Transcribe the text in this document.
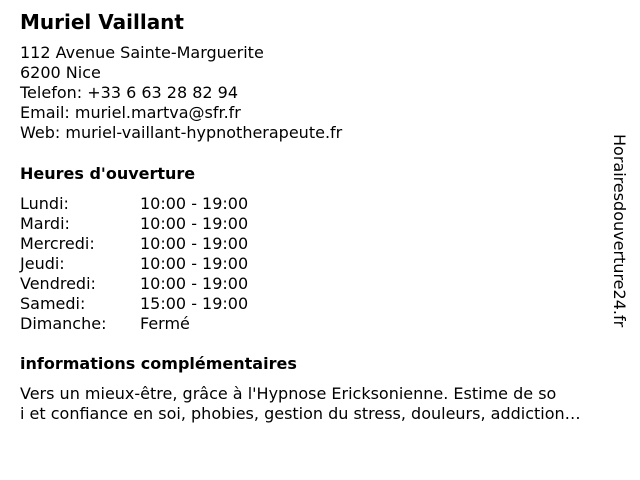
Muriel Vaillant
112 Avenue Sainte-Marguerite
6200 Nice
Telefon: +33 6 63 28 82 94
Email: muriel.martva@sfr.fr
Web: muriel-vaillant-hypnotherapeute.fr
Heures d'ouverture
Lundi:	10:00 - 19:00
Mardi:	10:00 - 19:00
Mercredi:	10:00 - 19:00
Jeudi:	10:00 - 19:00
Vendredi:	10:00 - 19:00
Samedi:	15:00 - 19:00
Dimanche:	Fermé
informations complémentaires
Vers un mieux-être, grâce à l'Hypnose Ericksonienne. Estime de so
i et confiance en soi, phobies, gestion du stress, douleurs, addiction…
Horairesdouverture24.fr
